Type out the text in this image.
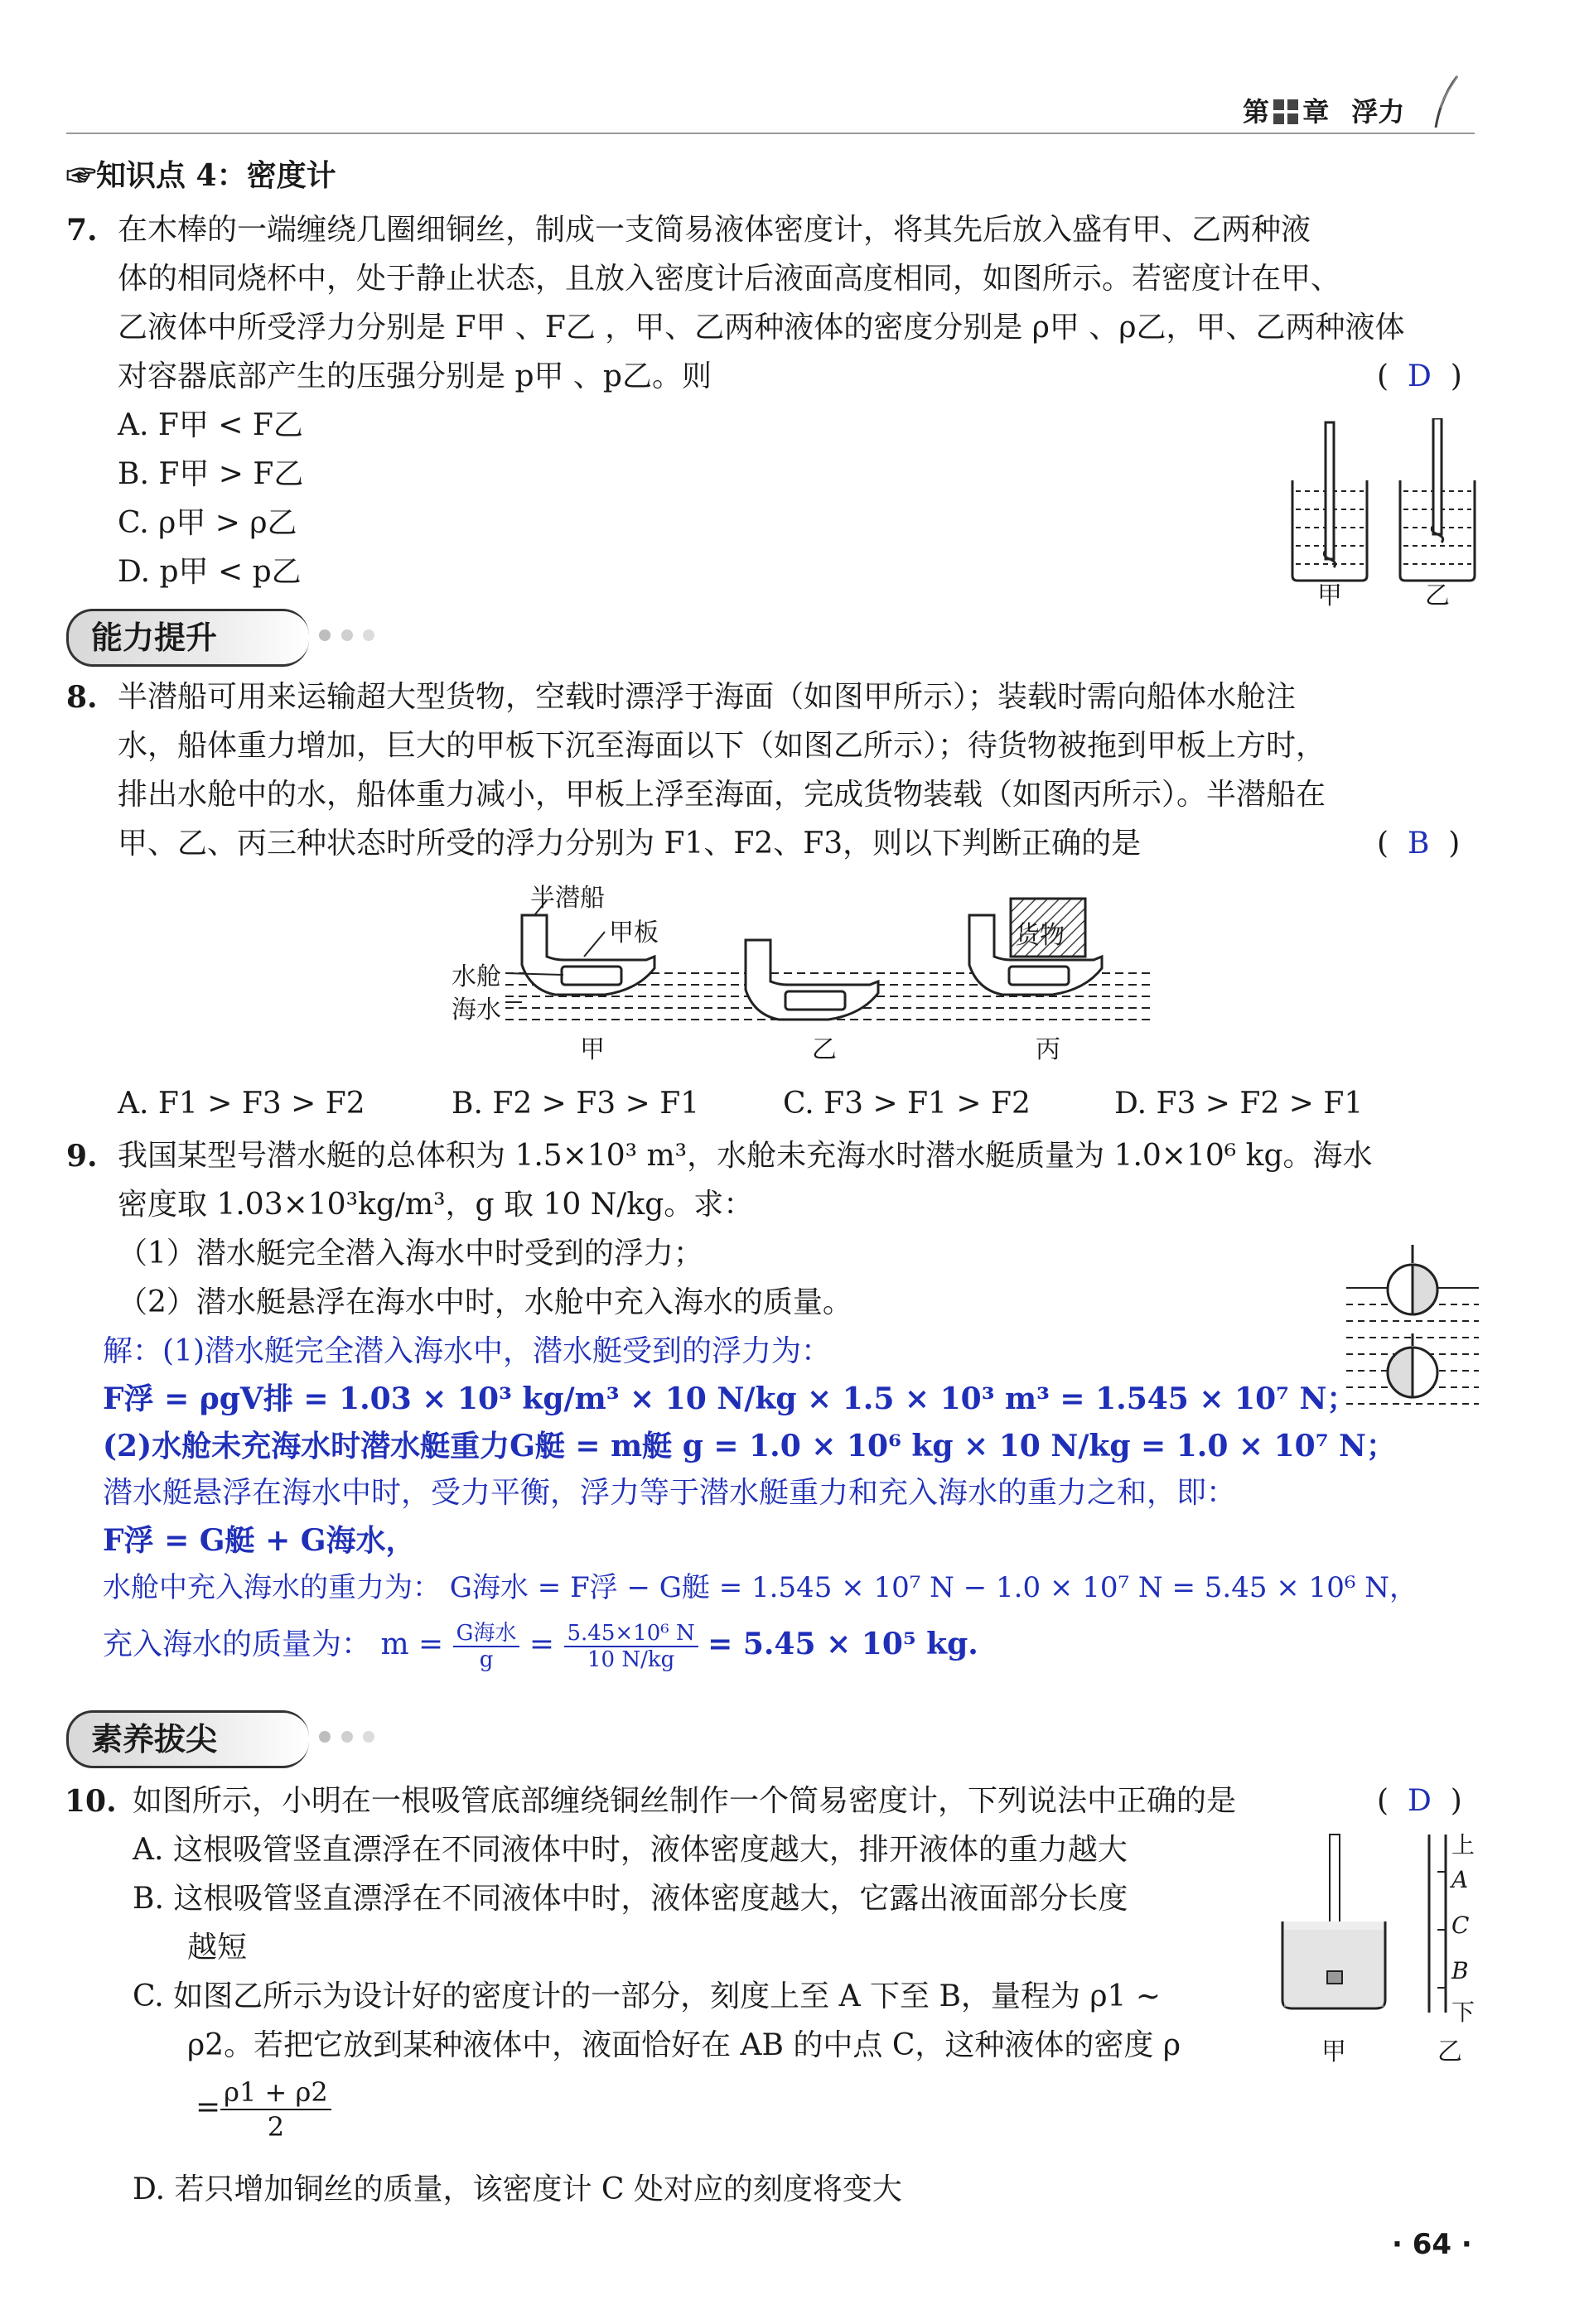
第 章 浮力
☞知识点 4：密度计
7. 在木棒的一端缠绕几圈细铜丝，制成一支简易液体密度计，将其先后放入盛有甲、乙两种液
体的相同烧杯中，处于静止状态，且放入密度计后液面高度相同，如图所示。若密度计在甲、
乙液体中所受浮力分别是 F甲 、F乙 ，甲、乙两种液体的密度分别是 ρ甲 、ρ乙，甲、乙两种液体
对容器底部产生的压强分别是 p甲 、p乙。则	(  D  )
A. F甲 < F乙
B. F甲 > F乙
C. ρ甲 > ρ乙
D. p甲 < p乙
甲	乙
能力提升
8. 半潜船可用来运输超大型货物，空载时漂浮于海面（如图甲所示）；装载时需向船体水舱注
水，船体重力增加，巨大的甲板下沉至海面以下（如图乙所示）；待货物被拖到甲板上方时，
排出水舱中的水，船体重力减小，甲板上浮至海面，完成货物装载（如图丙所示）。半潜船在
甲、乙、丙三种状态时所受的浮力分别为 F1、F2、F3，则以下判断正确的是	(  B  )
半潜船
甲板
水舱
海水
货物
甲	乙	丙
A. F1 > F3 > F2	B. F2 > F3 > F1	C. F3 > F1 > F2	D. F3 > F2 > F1
9. 我国某型号潜水艇的总体积为 1.5×10³ m³，水舱未充海水时潜水艇质量为 1.0×10⁶ kg。海水
密度取 1.03×10³kg/m³，g 取 10 N/kg。求：
（1）潜水艇完全潜入海水中时受到的浮力；
（2）潜水艇悬浮在海水中时，水舱中充入海水的质量。
解：(1)潜水艇完全潜入海水中，潜水艇受到的浮力为：
F浮 = ρgV排 = 1.03 × 10³ kg/m³ × 10 N/kg × 1.5 × 10³ m³ = 1.545 × 10⁷ N；
(2)水舱未充海水时潜水艇重力G艇 = m艇 g = 1.0 × 10⁶ kg × 10 N/kg = 1.0 × 10⁷ N；
潜水艇悬浮在海水中时，受力平衡，浮力等于潜水艇重力和充入海水的重力之和，即：
F浮 = G艇 + G海水，
水舱中充入海水的重力为： G海水 = F浮 − G艇 = 1.545 × 10⁷ N − 1.0 × 10⁷ N = 5.45 × 10⁶ N，
充入海水的质量为： $m = \frac{\text{G海水}}{g} = \frac{\text{5.45×10⁶ N}}{10 N/kg} = 5.45 \times 10^5$ kg.
素养拔尖
10. 如图所示，小明在一根吸管底部缠绕铜丝制作一个简易密度计，下列说法中正确的是	(  D  )
A. 这根吸管竖直漂浮在不同液体中时，液体密度越大，排开液体的重力越大
B. 这根吸管竖直漂浮在不同液体中时，液体密度越大，它露出液面部分长度
越短
C. 如图乙所示为设计好的密度计的一部分，刻度上至 A 下至 B，量程为 ρ1 ~
ρ2。若把它放到某种液体中，液面恰好在 AB 的中点 C，这种液体的密度 ρ
= $\frac{\rho 1 + \rho 2}{2}$
D. 若只增加铜丝的质量，该密度计 C 处对应的刻度将变大
上
A
C
B
下
甲	乙
· 64 ·
